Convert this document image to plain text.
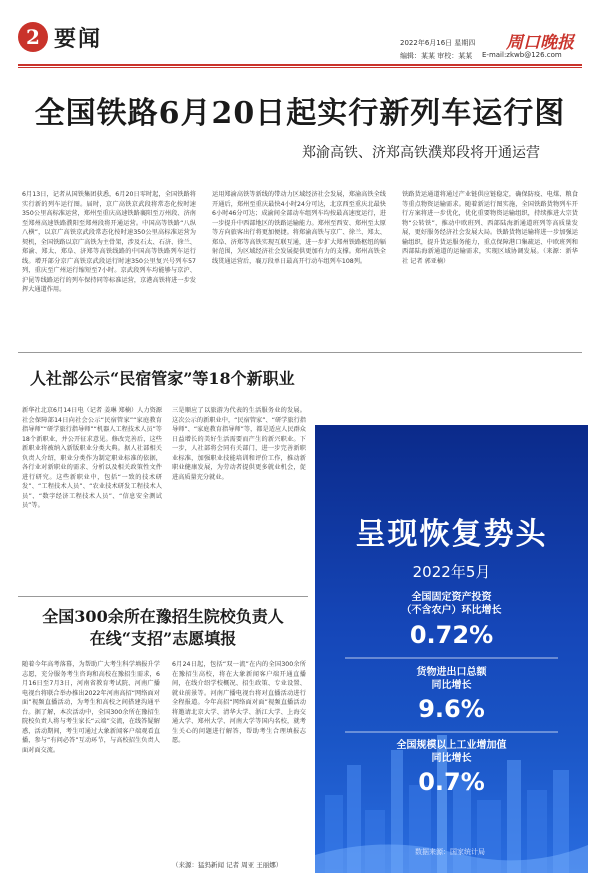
2 要闻	2022年6月16日 星期四
编辑：某某 审校：某某
周口晚报
E-mail:zkwb@126.com
全国铁路6月20日起实行新列车运行图
郑渝高铁、济郑高铁濮郑段将开通运营
6月13日，记者从国铁集团获悉，6月20日零时起，全国铁路将实行新的列车运行图。届时，京广高铁京武段将常态化按时速350公里高标准运营，郑州至重庆高速铁路襄阳至万州段、济南至郑州高速铁路濮阳至郑州段将开通运营。中国高等铁路“八纵八横”，以京广高铁京武段常态化按时速350公里高标准运营为契机，全国铁路以京广高铁为主骨架，涉及石太、石济、徐兰、郑渝、郑太、郑阜、济郑等高铁线路的中国高等铁路列车运行线。增开部分京广高铁京武段运行时速350公里复兴号列车57列，重庆至广州运行缩短至7小时。京武段列车均能够与京沪、沪昆等线路运行的列车保持同等标准运营，京港高铁将进一步发挥大通道作用。
运用郑渝高铁等新线的带动力区域经济社会发展，郑渝高铁全线开通后，郑州至重庆最快4小时24分可达，北京西至重庆北最快6小时46分可达；成渝间全部动车组列车均按最高速度运行，进一步提升中西部地区的铁路运输能力。郑州至西安、郑州至太原等方向旅客出行将更加便捷。将郑渝高铁与京广、徐兰、郑太、郑阜、济郑等高铁实现互联互通，进一步扩大郑州铁路枢纽的辐射范围，为区域经济社会发展提供更加有力的支撑。郑州高铁全线贯通运营后，襄万段单日最高开行动车组列车108列。
铁路货运通道将通过产业链供应链稳定，确保防疫、电煤、粮食等重点物资运输需求。随着新运行图实施，全国铁路货物列车开行方案将进一步优化，优化重要物资运输组织，持续推进大宗货物“公转铁”，推动中欧班列、西部陆海新通道班列等高质量发展，更好服务经济社会发展大局。铁路货物运输将进一步加强运输组织，提升货运服务能力，重点保障港口集疏运、中欧班列和西部陆海新通道的运输需求，实现区域协调发展。（来源：新华社 记者 郭亚楠）
人社部公示“民宿管家”等18个新职业
新华社北京6月14日电（记者 姜琳 郑楠）人力资源社会保障部14日向社会公示“民宿管家”“家庭教育指导师”“研学旅行指导师”“机器人工程技术人员”等18个新职业，并公开征求意见。修改完善后，这些新职业将被纳入新版职业分类大典。据人社部相关负责人介绍，职业分类作为制定职业标准的依据，各行业对新职业的需求、分析以及相关政策性文件进行研究。这些新职业中，包括“一致的技术研发”、“工程技术人员”、“农业技术研发工程技术人员”、“数字经济工程技术人员”、“信息安全测试员”等。
三是顺应了以旅游为代表的生活服务业的发展。这次公示的新职业中，“民宿管家”、“研学旅行指导师”、“家庭教育指导师”等，都是适应人民群众日益增长的美好生活需要而产生的新兴职业。下一步，人社部将会同有关部门，进一步完善新职业标准，加强职业技能培训和评价工作，推动新职业健康发展，为劳动者提供更多就业机会，促进高质量充分就业。
呈现恢复势头
2022年5月
全国固定资产投资
（不含农户）环比增长
0.72%
货物进出口总额
同比增长
9.6%
全国规模以上工业增加值
同比增长
0.7%
数据来源：国家统计局
全国300余所在豫招生院校负责人
在线“支招”志愿填报
随着今年高考落幕，为帮助广大考生科学填报升学志愿，充分服务考生咨询和高校在豫招生需求，6月16日至7月3日，河南省教育考试院、河南广播电视台将联合举办推出2022年河南高招“网络面对面”视频直播活动，为考生和高校之间搭建沟通平台。据了解，本次活动中，全国300余所在豫招生院校负责人将与考生家长“云端”交流，在线答疑解惑，活动期间，考生可通过大象新闻客户端观看直播，参与“有问必答”互动环节，与高校招生负责人面对面交流。
6月24日起，包括“双一流”在内的全国300余所在豫招生高校，将在大象新闻客户端开通直播间，在线介绍学校概况、招生政策、专业设置、就业前景等。河南广播电视台将对直播活动进行全程报道。今年高招“网络面对面”视频直播活动将邀请北京大学、清华大学、浙江大学、上海交通大学、郑州大学、河南大学等国内名校，就考生关心的问题进行解答，帮助考生合理填报志愿。
（来源：猛犸新闻 记者 周亚 王丽娜）
